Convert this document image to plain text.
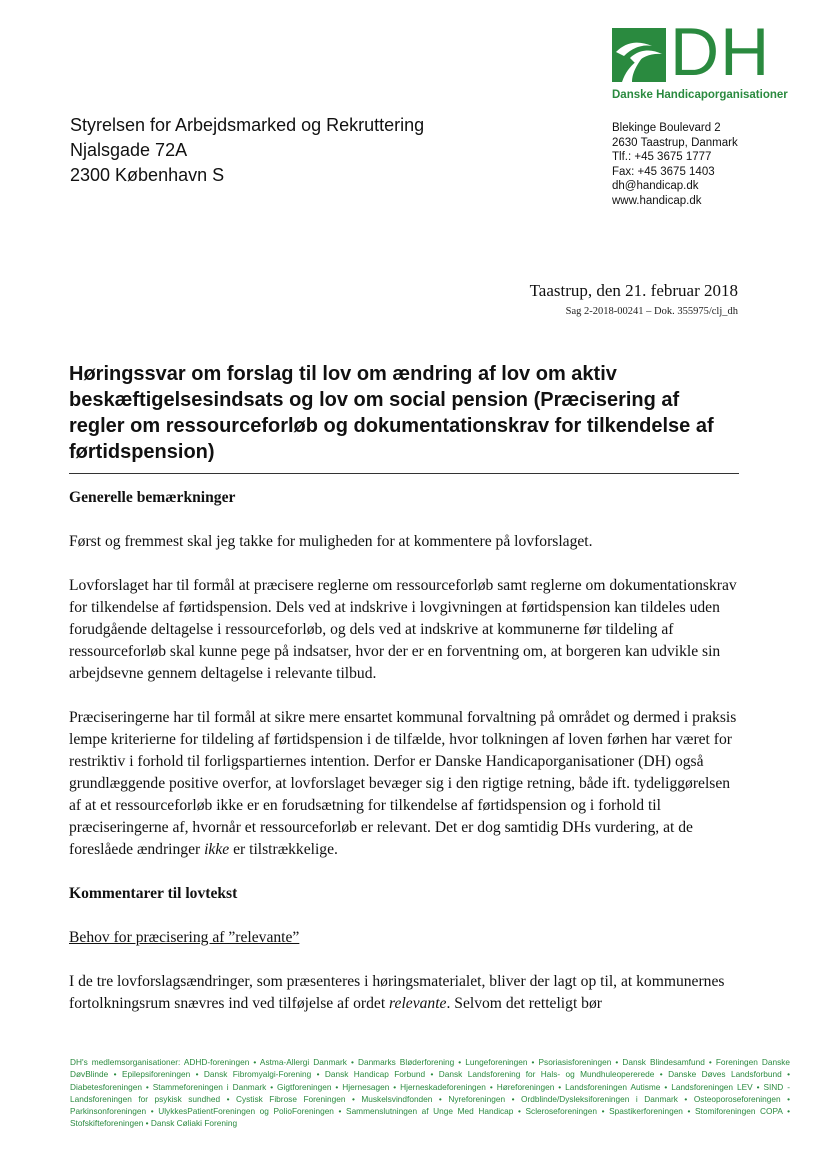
DH
Danske Handicaporganisationer
Styrelsen for Arbejdsmarked og Rekruttering
Njalsgade 72A
2300 København S
Blekinge Boulevard 2
2630 Taastrup, Danmark
Tlf.: +45 3675 1777
Fax: +45 3675 1403
dh@handicap.dk
www.handicap.dk
Taastrup, den 21. februar 2018
Sag 2-2018-00241 – Dok. 355975/clj_dh
Høringssvar om forslag til lov om ændring af lov om aktiv beskæftigelsesindsats og lov om social pension (Præcisering af regler om ressourceforløb og dokumentationskrav for tilkendelse af førtidspension)
Generelle bemærkninger

Først og fremmest skal jeg takke for muligheden for at kommentere på lovforslaget.

Lovforslaget har til formål at præcisere reglerne om ressourceforløb samt reglerne om dokumentationskrav for tilkendelse af førtidspension. Dels ved at indskrive i lovgivningen at førtidspension kan tildeles uden forudgående deltagelse i ressourceforløb, og dels ved at indskrive at kommunerne før tildeling af ressourceforløb skal kunne pege på indsatser, hvor der er en forventning om, at borgeren kan udvikle sin arbejdsevne gennem deltagelse i relevante tilbud.

Præciseringerne har til formål at sikre mere ensartet kommunal forvaltning på området og dermed i praksis lempe kriterierne for tildeling af førtidspension i de tilfælde, hvor tolkningen af loven førhen har været for restriktiv i forhold til forligspartiernes intention. Derfor er Danske Handicaporganisationer (DH) også grundlæggende positive overfor, at lovforslaget bevæger sig i den rigtige retning, både ift. tydeliggørelsen af at et ressourceforløb ikke er en forudsætning for tilkendelse af førtidspension og i forhold til præciseringerne af, hvornår et ressourceforløb er relevant. Det er dog samtidig DHs vurdering, at de foreslåede ændringer ikke er tilstrækkelige.

Kommentarer til lovtekst
Behov for præcisering af ”relevante”

I de tre lovforslagsændringer, som præsenteres i høringsmaterialet, bliver der lagt op til, at kommunernes fortolkningsrum snævres ind ved tilføjelse af ordet relevante. Selvom det retteligt bør

DH's medlemsorganisationer: ADHD-foreningen • Astma-Allergi Danmark • Danmarks Bløderforening • Lungeforeningen • Psoriasisforeningen • Dansk Blindesamfund • Foreningen Danske DøvBlinde • Epilepsiforeningen • Dansk Fibromyalgi-Forening • Dansk Handicap Forbund • Dansk Landsforening for Hals- og Mundhuleopererede • Danske Døves Landsforbund • Diabetesforeningen • Stammeforeningen i Danmark • Gigtforeningen • Hjernesagen • Hjerneskadeforeningen • Høreforeningen • Landsforeningen Autisme • Landsforeningen LEV • SIND - Landsforeningen for psykisk sundhed • Cystisk Fibrose Foreningen • Muskelsvindfonden • Nyreforeningen • Ordblinde/Dysleksiforeningen i Danmark • Osteoporoseforeningen • Parkinsonforeningen • UlykkesPatientForeningen og PolioForeningen • Sammenslutningen af Unge Med Handicap • Scleroseforeningen • Spastikerforeningen • Stomiforeningen COPA • Stofskifteforeningen • Dansk Cøliaki Forening
